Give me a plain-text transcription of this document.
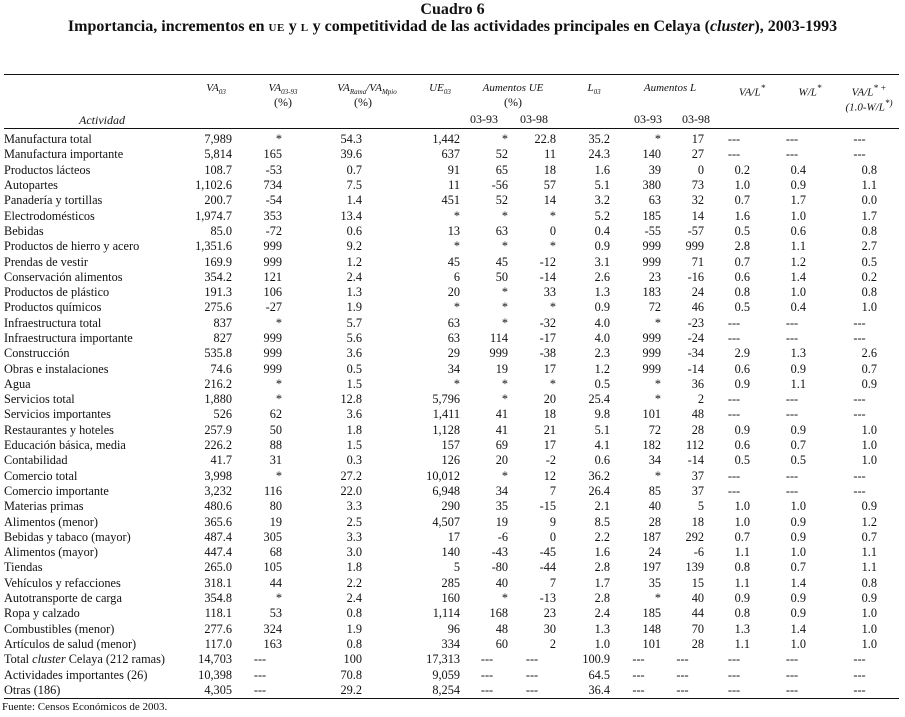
Cuadro 6
Importancia, incrementos en UE y L y competitividad de las actividades principales en Celaya (cluster), 2003-1993
$VA_{03}$	$VA_{03-93}$
(%)
$VA_{Rama}/VA_{Mpio}$
(%)
$UE_{03}$	Aumentos UE
(%)
03-93	03-98
$L_{03}$	Aumentos L
03-93	03-98
VA/L*	W/L*	VA/L* +
(1.0-W/L*)
Actividad
Manufactura total	7,989	*	54.3	1,442	*	22.8	35.2	*	17	---	---	---
Manufactura importante	5,814	165	39.6	637	52	11	24.3	140	27	---	---	---
Productos lácteos	108.7	-53	0.7	91	65	18	1.6	39	0	0.2	0.4	0.8
Autopartes	1,102.6	734	7.5	11	-56	57	5.1	380	73	1.0	0.9	1.1
Panadería y tortillas	200.7	-54	1.4	451	52	14	3.2	63	32	0.7	1.7	0.0
Electrodomésticos	1,974.7	353	13.4	*	*	*	5.2	185	14	1.6	1.0	1.7
Bebidas	85.0	-72	0.6	13	63	0	0.4	-55	-57	0.5	0.6	0.8
Productos de hierro y acero	1,351.6	999	9.2	*	*	*	0.9	999	999	2.8	1.1	2.7
Prendas de vestir	169.9	999	1.2	45	45	-12	3.1	999	71	0.7	1.2	0.5
Conservación alimentos	354.2	121	2.4	6	50	-14	2.6	23	-16	0.6	1.4	0.2
Productos de plástico	191.3	106	1.3	20	*	33	1.3	183	24	0.8	1.0	0.8
Productos químicos	275.6	-27	1.9	*	*	*	0.9	72	46	0.5	0.4	1.0
Infraestructura total	837	*	5.7	63	*	-32	4.0	*	-23	---	---	---
Infraestructura importante	827	999	5.6	63	114	-17	4.0	999	-24	---	---	---
Construcción	535.8	999	3.6	29	999	-38	2.3	999	-34	2.9	1.3	2.6
Obras e instalaciones	74.6	999	0.5	34	19	17	1.2	999	-14	0.6	0.9	0.7
Agua	216.2	*	1.5	*	*	*	0.5	*	36	0.9	1.1	0.9
Servicios total	1,880	*	12.8	5,796	*	20	25.4	*	2	---	---	---
Servicios importantes	526	62	3.6	1,411	41	18	9.8	101	48	---	---	---
Restaurantes y hoteles	257.9	50	1.8	1,128	41	21	5.1	72	28	0.9	0.9	1.0
Educación básica, media	226.2	88	1.5	157	69	17	4.1	182	112	0.6	0.7	1.0
Contabilidad	41.7	31	0.3	126	20	-2	0.6	34	-14	0.5	0.5	1.0
Comercio total	3,998	*	27.2	10,012	*	12	36.2	*	37	---	---	---
Comercio importante	3,232	116	22.0	6,948	34	7	26.4	85	37	---	---	---
Materias primas	480.6	80	3.3	290	35	-15	2.1	40	5	1.0	1.0	0.9
Alimentos (menor)	365.6	19	2.5	4,507	19	9	8.5	28	18	1.0	0.9	1.2
Bebidas y tabaco (mayor)	487.4	305	3.3	17	-6	0	2.2	187	292	0.7	0.9	0.7
Alimentos (mayor)	447.4	68	3.0	140	-43	-45	1.6	24	-6	1.1	1.0	1.1
Tiendas	265.0	105	1.8	5	-80	-44	2.8	197	139	0.8	0.7	1.1
Vehículos y refacciones	318.1	44	2.2	285	40	7	1.7	35	15	1.1	1.4	0.8
Autotransporte de carga	354.8	*	2.4	160	*	-13	2.8	*	40	0.9	0.9	0.9
Ropa y calzado	118.1	53	0.8	1,114	168	23	2.4	185	44	0.8	0.9	1.0
Combustibles (menor)	277.6	324	1.9	96	48	30	1.3	148	70	1.3	1.4	1.0
Artículos de salud (menor)	117.0	163	0.8	334	60	2	1.0	101	28	1.1	1.0	1.0
Total cluster Celaya (212 ramas)	14,703	---	100	17,313	---	---	100.9	---	---	---	---	---
Actividades importantes (26)	10,398	---	70.8	9,059	---	---	64.5	---	---	---	---	---
Otras (186)	4,305	---	29.2	8,254	---	---	36.4	---	---	---	---	---
Fuente: Censos Económicos de 2003.
